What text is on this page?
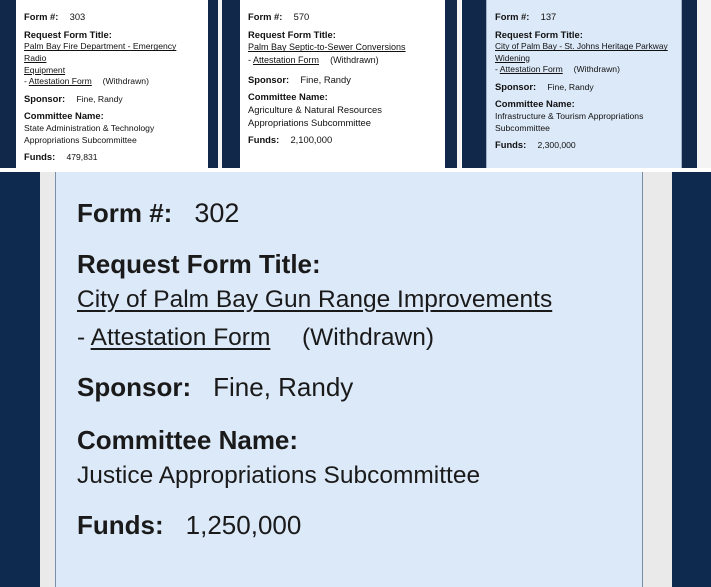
Form #: 303
Request Form Title:
Palm Bay Fire Department - Emergency Radio
Equipment
- Attestation Form (Withdrawn)
Sponsor: Fine, Randy
Committee Name:
State Administration & Technology
Appropriations Subcommittee
Funds: 479,831
Form #: 570
Request Form Title:
Palm Bay Septic-to-Sewer Conversions
- Attestation Form (Withdrawn)
Sponsor: Fine, Randy
Committee Name:
Agriculture & Natural Resources
Appropriations Subcommittee
Funds: 2,100,000
Form #: 137
Request Form Title:
City of Palm Bay - St. Johns Heritage Parkway
Widening
- Attestation Form (Withdrawn)
Sponsor: Fine, Randy
Committee Name:
Infrastructure & Tourism Appropriations
Subcommittee
Funds: 2,300,000
Form #: 302
Request Form Title:
City of Palm Bay Gun Range Improvements
- Attestation Form (Withdrawn)
Sponsor: Fine, Randy
Committee Name:
Justice Appropriations Subcommittee
Funds: 1,250,000
